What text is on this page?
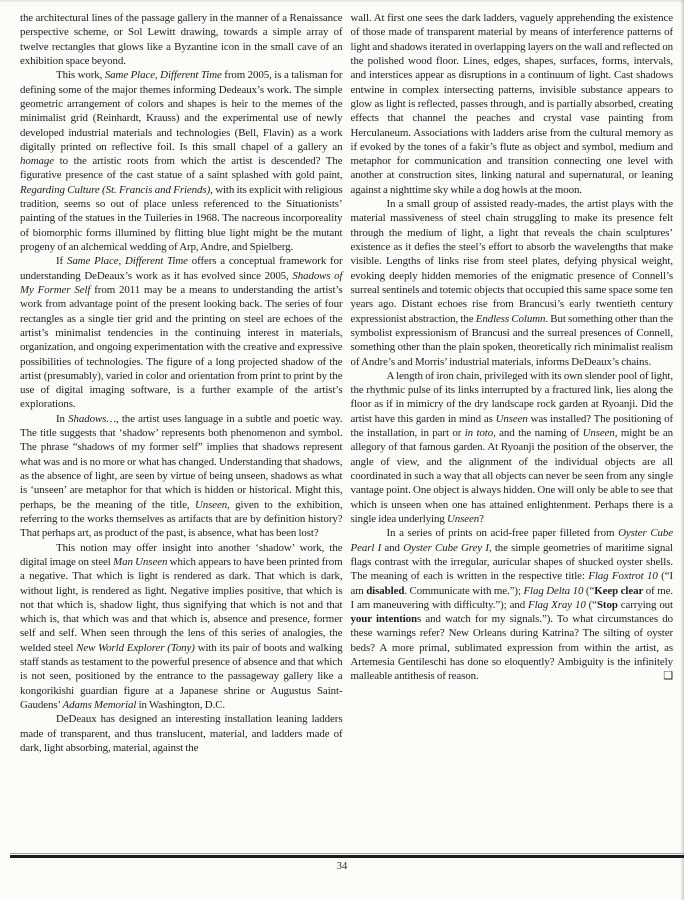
the architectural lines of the passage gallery in the manner of a Renaissance perspective scheme, or Sol Lewitt drawing, towards a simple array of twelve rectangles that glows like a Byzantine icon in the small cave of an exhibition space beyond.

This work, Same Place, Different Time from 2005, is a talisman for defining some of the major themes informing Dedeaux’s work. The simple geometric arrangement of colors and shapes is heir to the memes of the minimalist grid (Reinhardt, Krauss) and the experimental use of newly developed industrial materials and technologies (Bell, Flavin) as a work digitally printed on reflective foil. Is this small chapel of a gallery an homage to the artistic roots from which the artist is descended? The figurative presence of the cast statue of a saint splashed with gold paint, Regarding Culture (St. Francis and Friends), with its explicit with religious tradition, seems so out of place unless referenced to the Situationists’ painting of the statues in the Tuileries in 1968. The nacreous incorporeality of biomorphic forms illumined by flitting blue light might be the mutant progeny of an alchemical wedding of Arp, Andre, and Spielberg.

If Same Place, Different Time offers a conceptual framework for understanding DeDeaux’s work as it has evolved since 2005, Shadows of My Former Self from 2011 may be a means to understanding the artist’s work from advantage point of the present looking back. The series of four rectangles as a single tier grid and the printing on steel are echoes of the artist’s minimalist tendencies in the continuing interest in materials, organization, and ongoing experimentation with the creative and expressive possibilities of technologies. The figure of a long projected shadow of the artist (presumably), varied in color and orientation from print to print by the use of digital imaging software, is a further example of the artist’s explorations.

In Shadows…, the artist uses language in a subtle and poetic way. The title suggests that ‘shadow’ represents both phenomenon and symbol. The phrase “shadows of my former self” implies that shadows represent what was and is no more or what has changed. Understanding that shadows, as the absence of light, are seen by virtue of being unseen, shadows as what is ‘unseen’ are metaphor for that which is hidden or historical. Might this, perhaps, be the meaning of the title, Unseen, given to the exhibition, referring to the works themselves as artifacts that are by definition history? That perhaps art, as product of the past, is absence, what has been lost?

This notion may offer insight into another ‘shadow’ work, the digital image on steel Man Unseen which appears to have been printed from a negative. That which is light is rendered as dark. That which is dark, without light, is rendered as light. Negative implies positive, that which is not that which is, shadow light, thus signifying that which is not and that which is, that which was and that which is, absence and presence, former self and self. When seen through the lens of this series of analogies, the welded steel New World Explorer (Tony) with its pair of boots and walking staff stands as testament to the powerful presence of absence and that which is not seen, positioned by the entrance to the passageway gallery like a kongorikishi guardian figure at a Japanese shrine or Augustus Saint-Gaudens’ Adams Memorial in Washington, D.C.

DeDeaux has designed an interesting installation leaning ladders made of transparent, and thus translucent, material, and ladders made of dark, light absorbing, material, against the

wall. At first one sees the dark ladders, vaguely apprehending the existence of those made of transparent material by means of interference patterns of light and shadows iterated in overlapping layers on the wall and reflected on the polished wood floor. Lines, edges, shapes, surfaces, forms, intervals, and interstices appear as disruptions in a continuum of light. Cast shadows entwine in complex intersecting patterns, invisible substance appears to glow as light is reflected, passes through, and is partially absorbed, creating effects that channel the peaches and crystal vase painting from Herculaneum. Associations with ladders arise from the cultural memory as if evoked by the tones of a fakir’s flute as object and symbol, medium and metaphor for communication and transition connecting one level with another at construction sites, linking natural and supernatural, or leaning against a nighttime sky while a dog howls at the moon.

In a small group of assisted ready-mades, the artist plays with the material massiveness of steel chain struggling to make its presence felt through the medium of light, a light that reveals the chain sculptures’ existence as it defies the steel’s effort to absorb the wavelengths that make visible. Lengths of links rise from steel plates, defying physical weight, evoking deeply hidden memories of the enigmatic presence of Connell’s surreal sentinels and totemic objects that occupied this same space some ten years ago. Distant echoes rise from Brancusi’s early twentieth century expressionist abstraction, the Endless Column. But something other than the symbolist expressionism of Brancusi and the surreal presences of Connell, something other than the plain spoken, theoretically rich minimalist realism of Andre’s and Morris’ industrial materials, informs DeDeaux’s chains.

A length of iron chain, privileged with its own slender pool of light, the rhythmic pulse of its links interrupted by a fractured link, lies along the floor as if in mimicry of the dry landscape rock garden at Ryoanji. Did the artist have this garden in mind as Unseen was installed? The positioning of the installation, in part or in toto, and the naming of Unseen, might be an allegory of that famous garden. At Ryoanji the position of the observer, the angle of view, and the alignment of the individual objects are all coordinated in such a way that all objects can never be seen from any single vantage point. One object is always hidden. One will only be able to see that which is unseen when one has attained enlightenment. Perhaps there is a single idea underlying Unseen?

In a series of prints on acid-free paper filleted from Oyster Cube Pearl I and Oyster Cube Grey I, the simple geometries of maritime signal flags contrast with the irregular, auricular shapes of shucked oyster shells. The meaning of each is written in the respective title: Flag Foxtrot 10 (“I am disabled. Communicate with me.”); Flag Delta 10 (“Keep clear of me. I am maneuvering with difficulty.”); and Flag Xray 10 (“Stop carrying out your intentions and watch for my signals.”). To what circumstances do these warnings refer? New Orleans during Katrina? The silting of oyster beds? A more primal, sublimated expression from within the artist, as Artemesia Gentileschi has done so eloquently? Ambiguity is the infinitely malleable antithesis of reason.	❑

34
